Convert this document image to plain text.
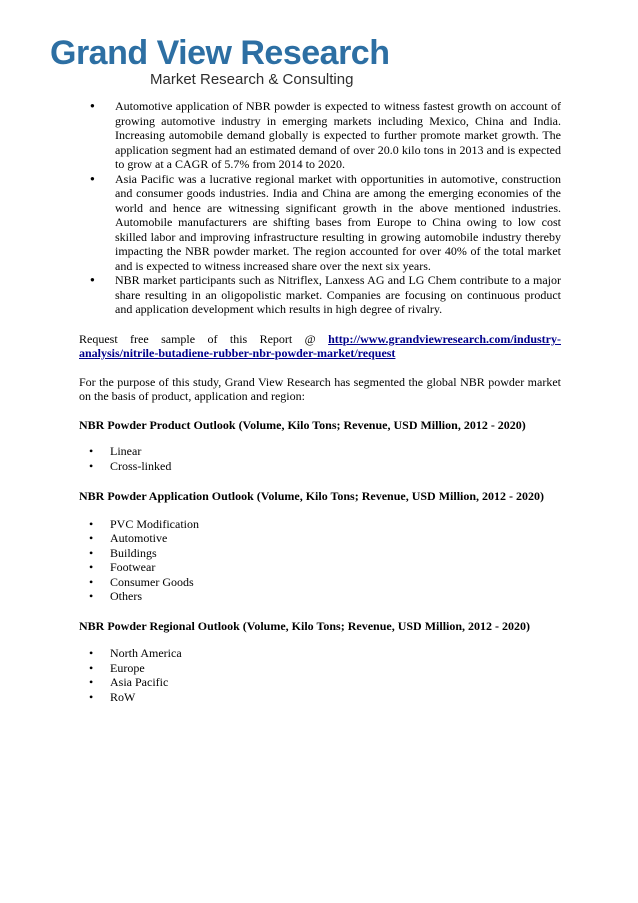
Grand View Research
Market Research & Consulting
● Automotive application of NBR powder is expected to witness fastest growth on account of growing automotive industry in emerging markets including Mexico, China and India. Increasing automobile demand globally is expected to further promote market growth. The application segment had an estimated demand of over 20.0 kilo tons in 2013 and is expected to grow at a CAGR of 5.7% from 2014 to 2020.
● Asia Pacific was a lucrative regional market with opportunities in automotive, construction and consumer goods industries. India and China are among the emerging economies of the world and hence are witnessing significant growth in the above mentioned industries. Automobile manufacturers are shifting bases from Europe to China owing to low cost skilled labor and improving infrastructure resulting in growing automobile industry thereby impacting the NBR powder market. The region accounted for over 40% of the total market and is expected to witness increased share over the next six years.
● NBR market participants such as Nitriflex, Lanxess AG and LG Chem contribute to a major share resulting in an oligopolistic market. Companies are focusing on continuous product and application development which results in high degree of rivalry.

Request free sample of this Report @ http://www.grandviewresearch.com/industry-analysis/nitrile-butadiene-rubber-nbr-powder-market/request

For the purpose of this study, Grand View Research has segmented the global NBR powder market on the basis of product, application and region:

NBR Powder Product Outlook (Volume, Kilo Tons; Revenue, USD Million, 2012 - 2020)

• Linear
• Cross-linked

NBR Powder Application Outlook (Volume, Kilo Tons; Revenue, USD Million, 2012 - 2020)

• PVC Modification
• Automotive
• Buildings
• Footwear
• Consumer Goods
• Others

NBR Powder Regional Outlook (Volume, Kilo Tons; Revenue, USD Million, 2012 - 2020)

• North America
• Europe
• Asia Pacific
• RoW
